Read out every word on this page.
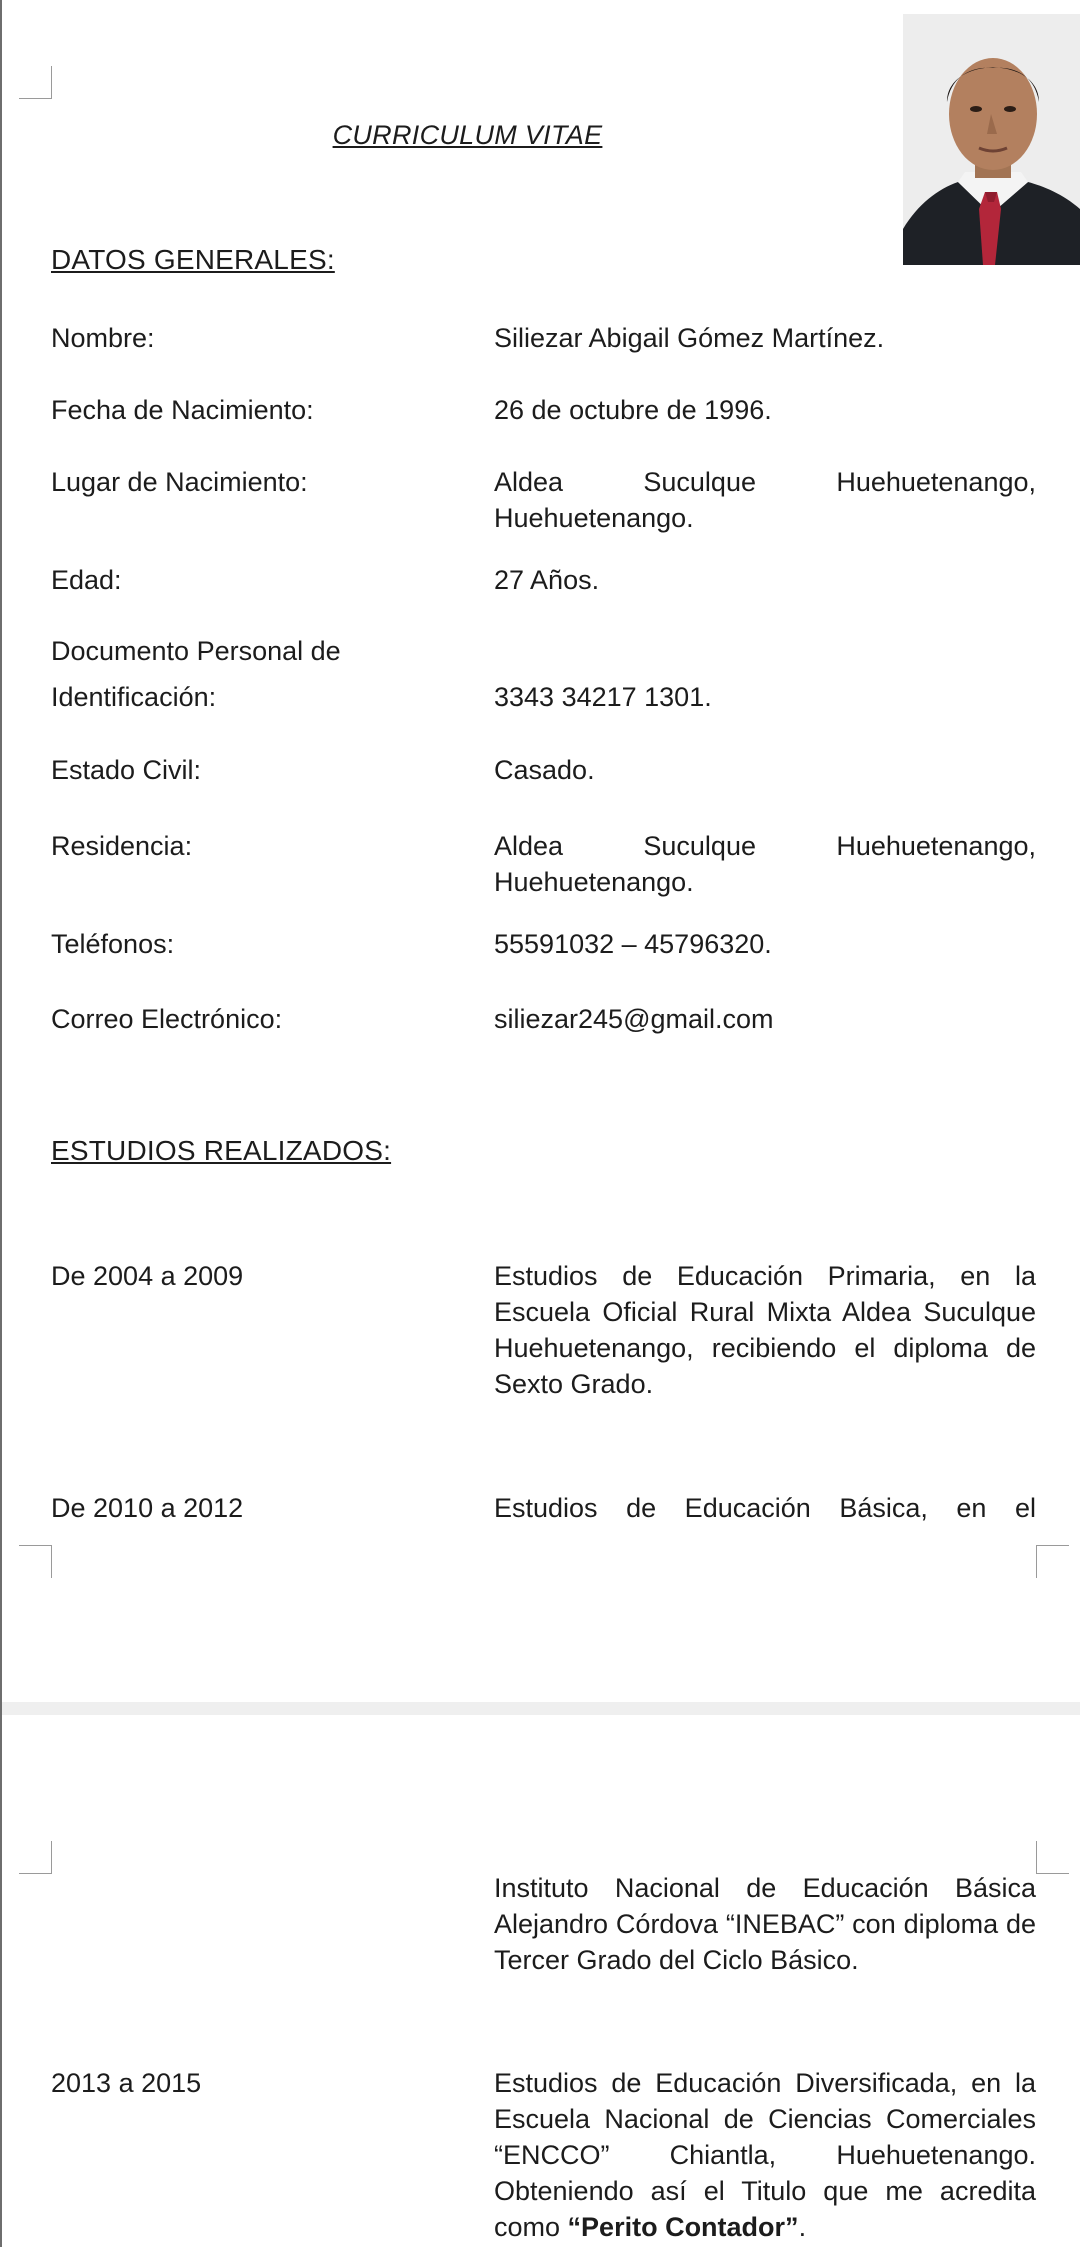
CURRICULUM VITAE
DATOS GENERALES:
Nombre:	Siliezar Abigail Gómez Martínez.
Fecha de Nacimiento:	26 de octubre de 1996.
Lugar de Nacimiento:	Aldea Suculque Huehuetenango,
Huehuetenango.
Edad:	27 Años.
Documento Personal de
Identificación:	3343 34217 1301.
Estado Civil:	Casado.
Residencia:	Aldea Suculque Huehuetenango,
Huehuetenango.
Teléfonos:	55591032 – 45796320.
Correo Electrónico:	siliezar245@gmail.com
ESTUDIOS REALIZADOS:
De 2004 a 2009	Estudios de Educación Primaria, en la Escuela Oficial Rural Mixta Aldea Suculque Huehuetenango, recibiendo el diploma de Sexto Grado.
De 2010 a 2012	Estudios de Educación Básica, en el
Instituto Nacional de Educación Básica Alejandro Córdova “INEBAC” con diploma de Tercer Grado del Ciclo Básico.
2013 a 2015	Estudios de Educación Diversificada, en la Escuela Nacional de Ciencias Comerciales “ENCCO” Chiantla, Huehuetenango. Obteniendo así el Titulo que me acredita como “Perito Contador”.
